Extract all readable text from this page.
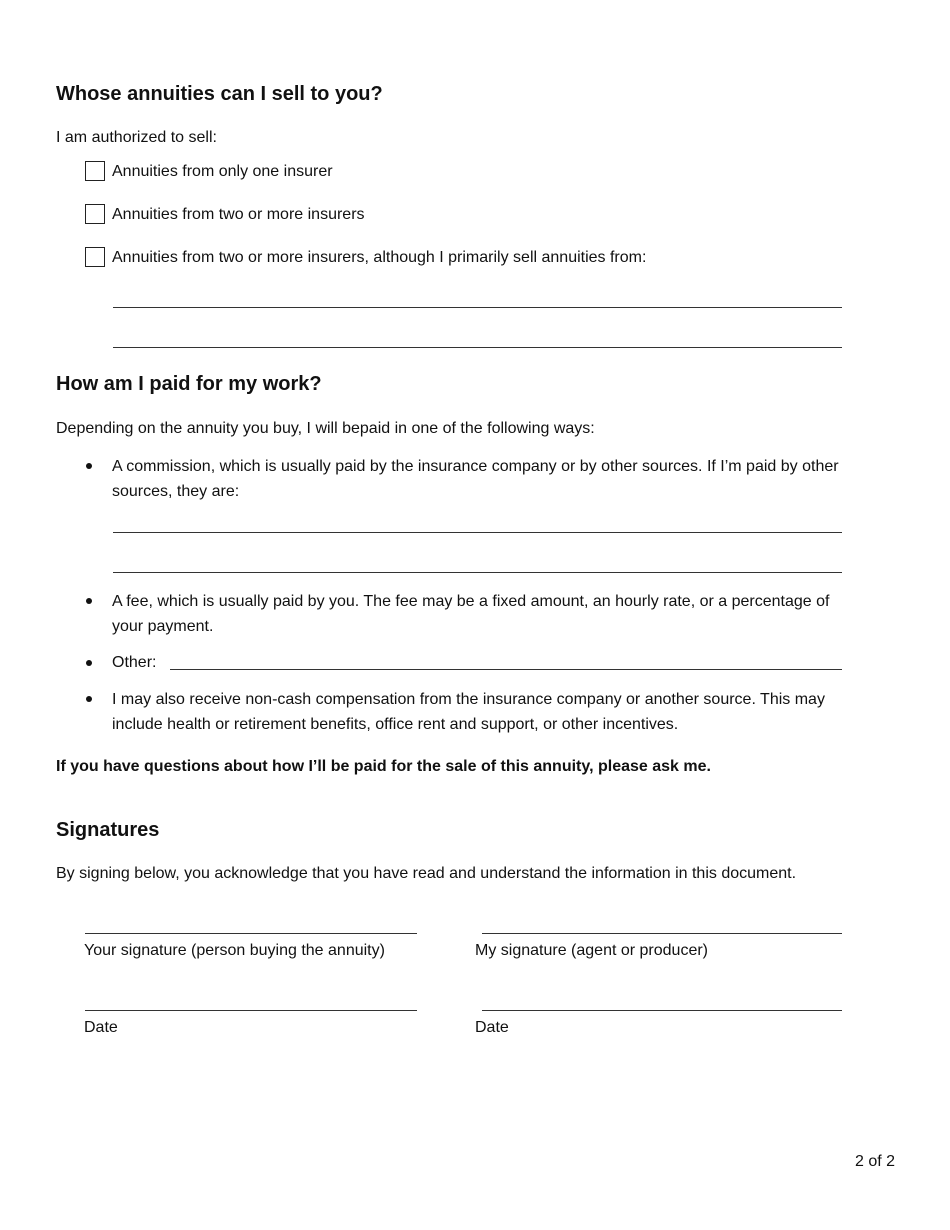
Whose annuities can I sell to you?
I am authorized to sell:
Annuities from only one insurer
Annuities from two or more insurers
Annuities from two or more insurers, although I primarily sell annuities from:
How am I paid for my work?
Depending on the annuity you buy, I will bepaid in one of the following ways:
A commission, which is usually paid by the insurance company or by other sources. If I’m paid by other
sources, they are:
A fee, which is usually paid by you. The fee may be a fixed amount, an hourly rate, or a percentage of
your payment.
Other:
I may also receive non-cash compensation from the insurance company or another source. This may
include health or retirement benefits, office rent and support, or other incentives.
If you have questions about how I’ll be paid for the sale of this annuity, please ask me.
Signatures
By signing below, you acknowledge that you have read and understand the information in this document.
Your signature (person buying the annuity)	My signature (agent or producer)
Date	Date
2 of 2
